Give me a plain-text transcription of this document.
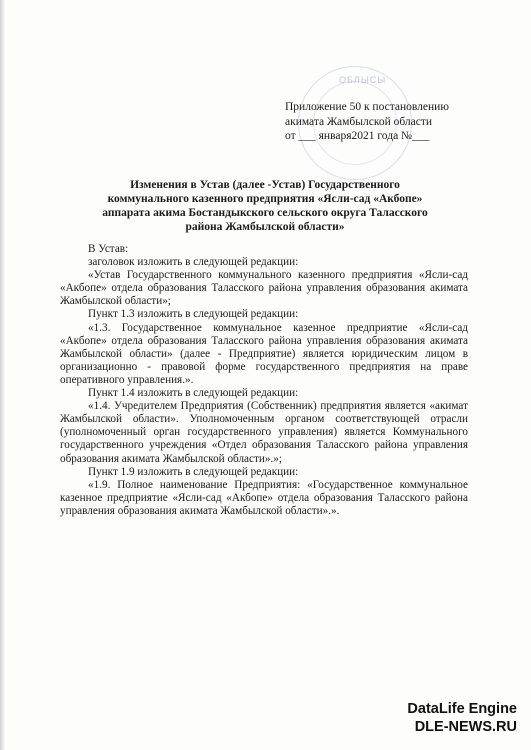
ОБЛЫСЫ
Приложение 50 к постановлению
акимата Жамбылской области
от ___ января2021 года №___
Изменения в Устав (далее -Устав) Государственного
коммунального казенного предприятия «Ясли-сад «Акбопе»
аппарата акима Бостандыкского сельского округа Таласского
района Жамбылской области»

В Устав:

заголовок изложить в следующей редакции:

«Устав Государственного коммунального казенного предприятия «Ясли-сад «Акбопе» отдела образования Таласского района управления образования акимата Жамбылской области»;

Пункт 1.3 изложить в следующей редакции:

«1.3. Государственное коммунальное казенное предприятие «Ясли-сад «Акбопе» отдела образования Таласского района управления образования акимата Жамбылской области» (далее - Предприятие) является юридическим лицом в организационно - правовой форме государственного предприятия на праве оперативного управления.».

Пункт 1.4 изложить в следующей редакции:

«1.4. Учредителем Предприятия (Собственник) предприятия является «акимат Жамбылской области». Уполномоченным органом соответствующей отрасли (уполномоченный орган государственного управления) является Коммунального государственного учреждения «Отдел образования Таласского района управления образования акимата Жамбылской области».»;

Пункт 1.9 изложить в следующей редакции:

«1.9. Полное наименование Предприятия: «Государственное коммунальное казенное предприятие «Ясли-сад «Акбопе» отдела образования Таласского района управления образования акимата Жамбылской области».».

DataLife Engine
DLE-NEWS.RU
